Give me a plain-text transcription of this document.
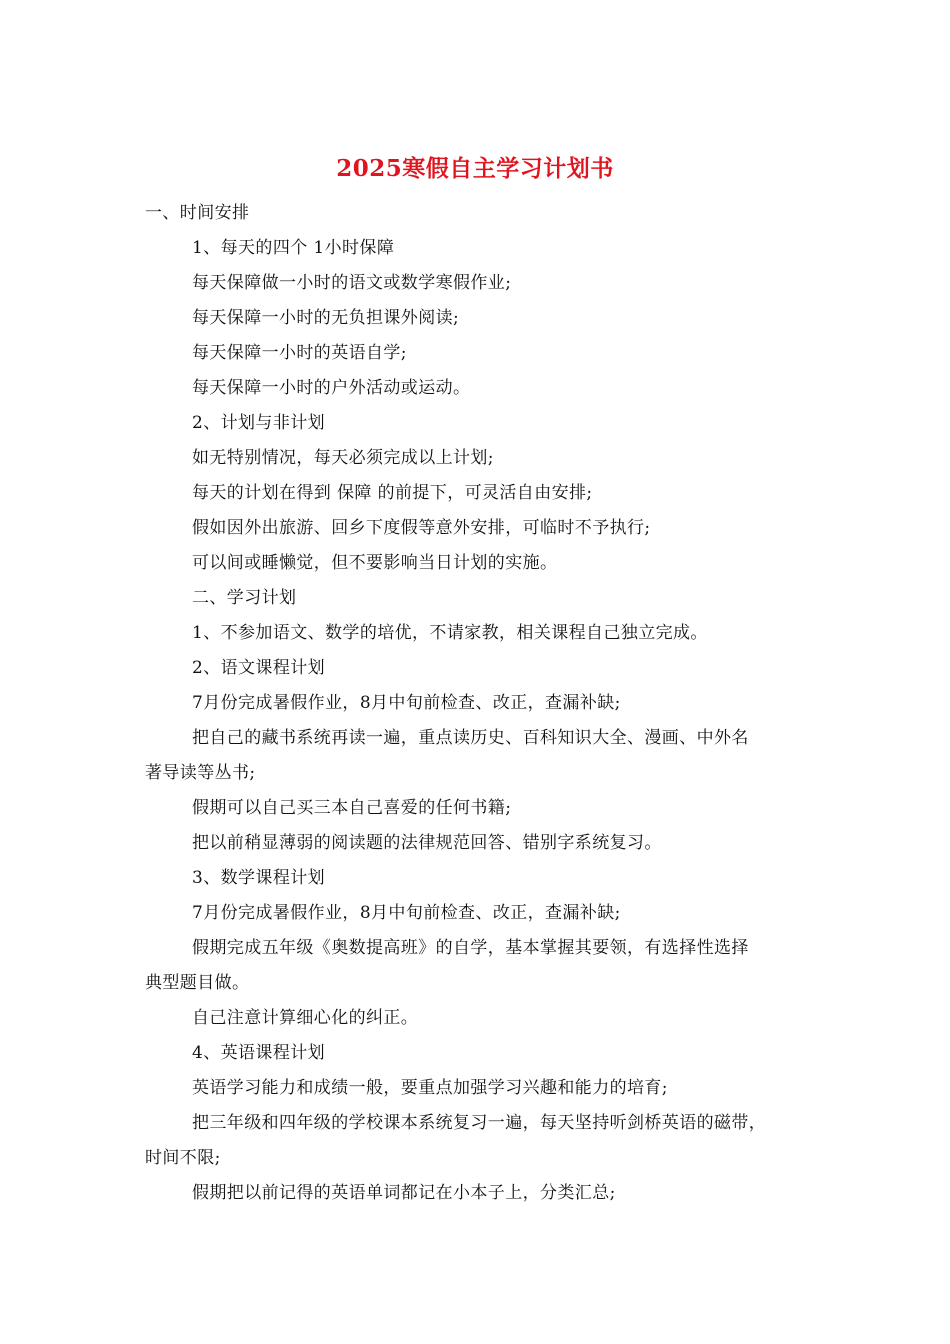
2025寒假自主学习计划书
一、时间安排
1、每天的四个 1小时保障
每天保障做一小时的语文或数学寒假作业;
每天保障一小时的无负担课外阅读;
每天保障一小时的英语自学;
每天保障一小时的户外活动或运动。
2、计划与非计划
如无特别情况，每天必须完成以上计划;
每天的计划在得到 保障 的前提下，可灵活自由安排;
假如因外出旅游、回乡下度假等意外安排，可临时不予执行;
可以间或睡懒觉，但不要影响当日计划的实施。
二、学习计划
1、不参加语文、数学的培优，不请家教，相关课程自己独立完成。
2、语文课程计划
7月份完成暑假作业，8月中旬前检查、改正，查漏补缺;
把自己的藏书系统再读一遍，重点读历史、百科知识大全、漫画、中外名
著导读等丛书;
假期可以自己买三本自己喜爱的任何书籍;
把以前稍显薄弱的阅读题的法律规范回答、错别字系统复习。
3、数学课程计划
7月份完成暑假作业，8月中旬前检查、改正，查漏补缺;
假期完成五年级《奥数提高班》的自学，基本掌握其要领，有选择性选择
典型题目做。
自己注意计算细心化的纠正。
4、英语课程计划
英语学习能力和成绩一般，要重点加强学习兴趣和能力的培育;
把三年级和四年级的学校课本系统复习一遍，每天坚持听剑桥英语的磁带，
时间不限;
假期把以前记得的英语单词都记在小本子上，分类汇总;
